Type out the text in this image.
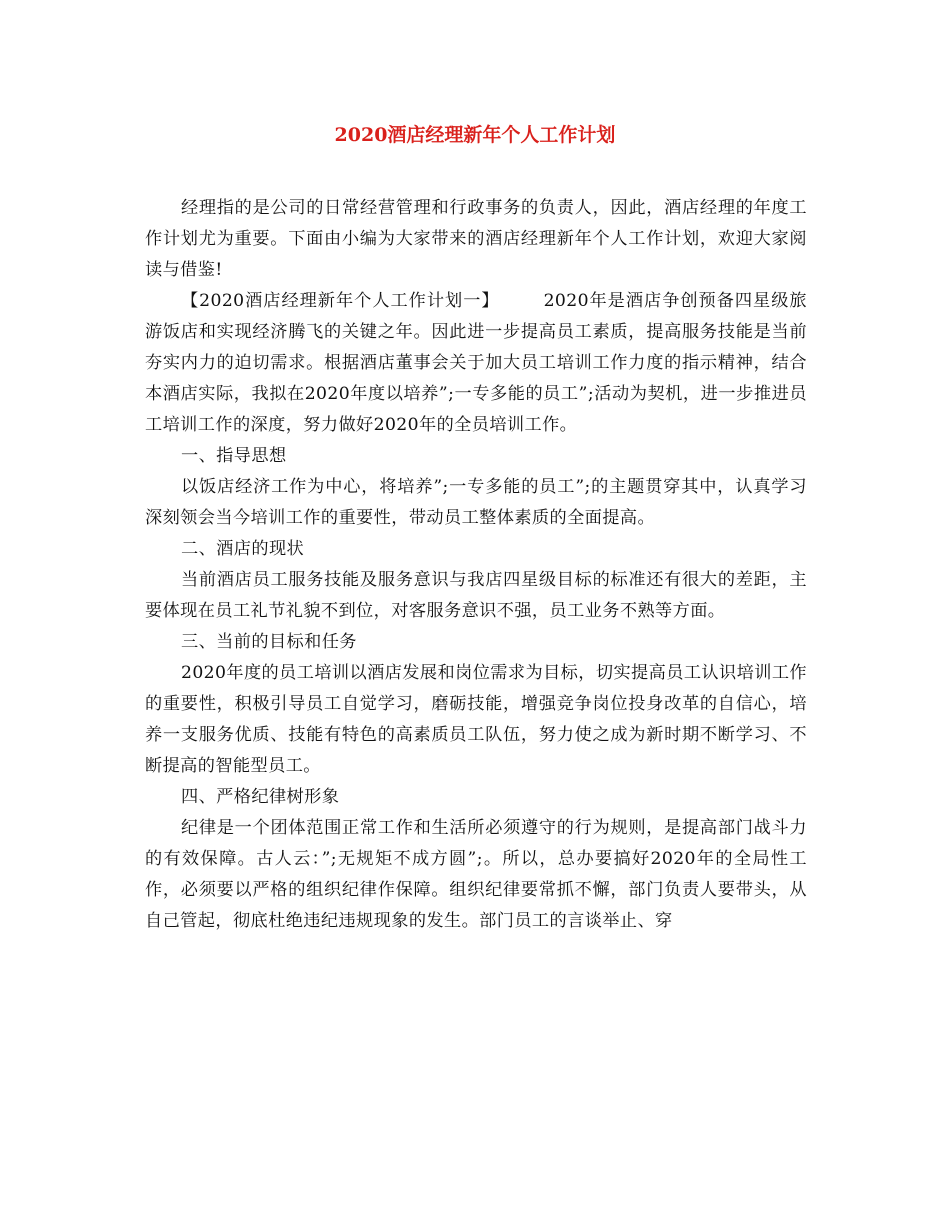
2020酒店经理新年个人工作计划

经理指的是公司的日常经营管理和行政事务的负责人，因此，酒店经理的年度工作计划尤为重要。下面由小编为大家带来的酒店经理新年个人工作计划，欢迎大家阅读与借鉴!

【2020酒店经理新年个人工作计划一】	2020年是酒店争创预备四星级旅游饭店和实现经济腾飞的关键之年。因此进一步提高员工素质，提高服务技能是当前夯实内力的迫切需求。根据酒店董事会关于加大员工培训工作力度的指示精神，结合本酒店实际，我拟在2020年度以培养”;一专多能的员工”;活动为契机，进一步推进员工培训工作的深度，努力做好2020年的全员培训工作。

一、指导思想

以饭店经济工作为中心，将培养”;一专多能的员工”;的主题贯穿其中，认真学习深刻领会当今培训工作的重要性，带动员工整体素质的全面提高。

二、酒店的现状

当前酒店员工服务技能及服务意识与我店四星级目标的标准还有很大的差距，主要体现在员工礼节礼貌不到位，对客服务意识不强，员工业务不熟等方面。

三、当前的目标和任务

2020年度的员工培训以酒店发展和岗位需求为目标，切实提高员工认识培训工作的重要性，积极引导员工自觉学习，磨砺技能，增强竞争岗位投身改革的自信心，培养一支服务优质、技能有特色的高素质员工队伍，努力使之成为新时期不断学习、不断提高的智能型员工。

四、严格纪律树形象

纪律是一个团体范围正常工作和生活所必须遵守的行为规则，是提高部门战斗力的有效保障。古人云：”;无规矩不成方圆”;。所以，总办要搞好2020年的全局性工作，必须要以严格的组织纪律作保障。组织纪律要常抓不懈，部门负责人要带头，从自己管起，彻底杜绝违纪违规现象的发生。部门员工的言谈举止、穿
